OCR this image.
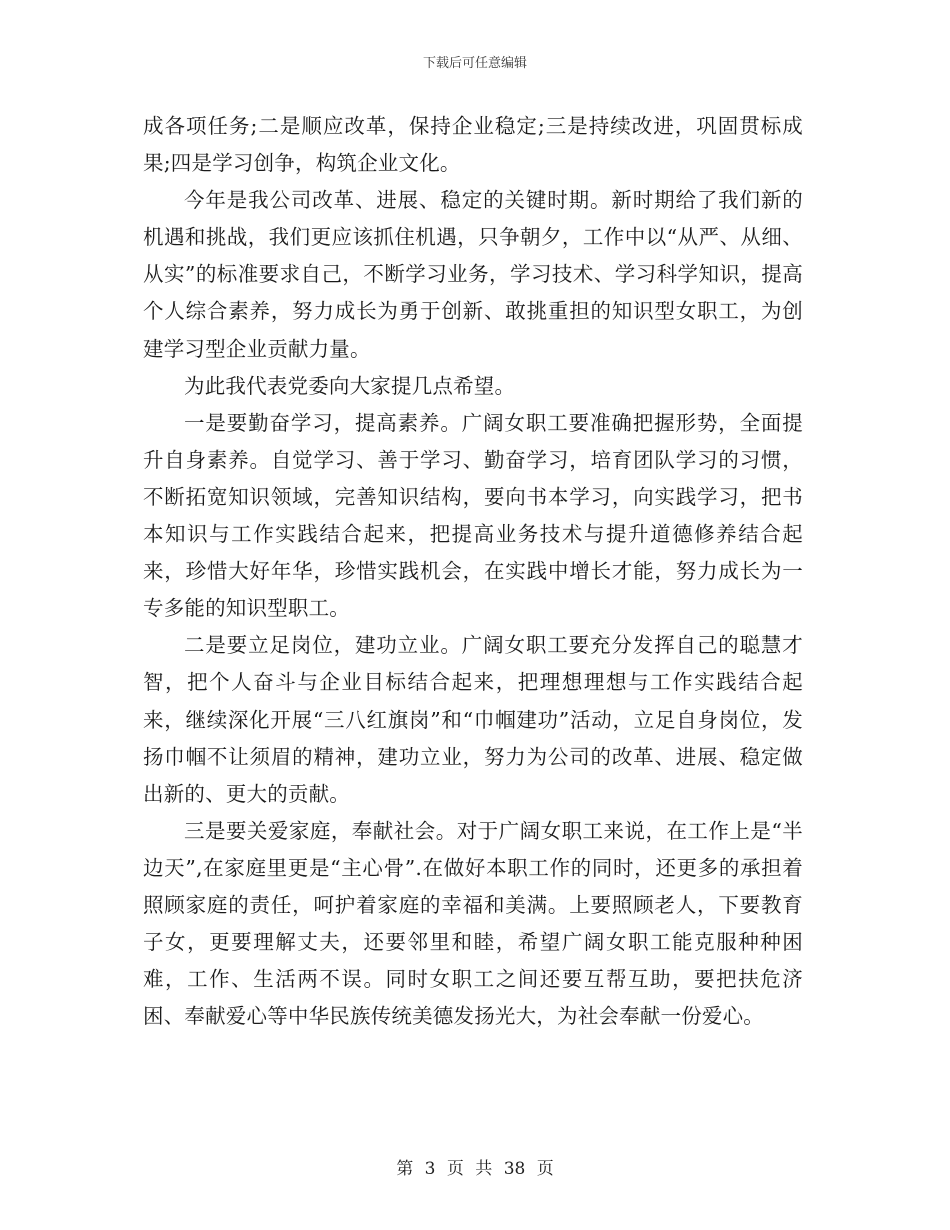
下载后可任意编辑

成各项任务;二是顺应改革，保持企业稳定;三是持续改进，巩固贯标成果;四是学习创争，构筑企业文化。

今年是我公司改革、进展、稳定的关键时期。新时期给了我们新的机遇和挑战，我们更应该抓住机遇，只争朝夕，工作中以“从严、从细、从实”的标准要求自己，不断学习业务，学习技术、学习科学知识，提高个人综合素养，努力成长为勇于创新、敢挑重担的知识型女职工，为创建学习型企业贡献力量。

为此我代表党委向大家提几点希望。

一是要勤奋学习，提高素养。广阔女职工要准确把握形势，全面提升自身素养。自觉学习、善于学习、勤奋学习，培育团队学习的习惯，不断拓宽知识领域，完善知识结构，要向书本学习，向实践学习，把书本知识与工作实践结合起来，把提高业务技术与提升道德修养结合起来，珍惜大好年华，珍惜实践机会，在实践中增长才能，努力成长为一专多能的知识型职工。

二是要立足岗位，建功立业。广阔女职工要充分发挥自己的聪慧才智，把个人奋斗与企业目标结合起来，把理想理想与工作实践结合起来，继续深化开展“三八红旗岗”和“巾帼建功”活动，立足自身岗位，发扬巾帼不让须眉的精神，建功立业，努力为公司的改革、进展、稳定做出新的、更大的贡献。

三是要关爱家庭，奉献社会。对于广阔女职工来说，在工作上是“半边天”,在家庭里更是“主心骨”.在做好本职工作的同时，还更多的承担着照顾家庭的责任，呵护着家庭的幸福和美满。上要照顾老人，下要教育子女，更要理解丈夫，还要邻里和睦，希望广阔女职工能克服种种困难，工作、生活两不误。同时女职工之间还要互帮互助，要把扶危济困、奉献爱心等中华民族传统美德发扬光大，为社会奉献一份爱心。

第 3 页 共 38 页
